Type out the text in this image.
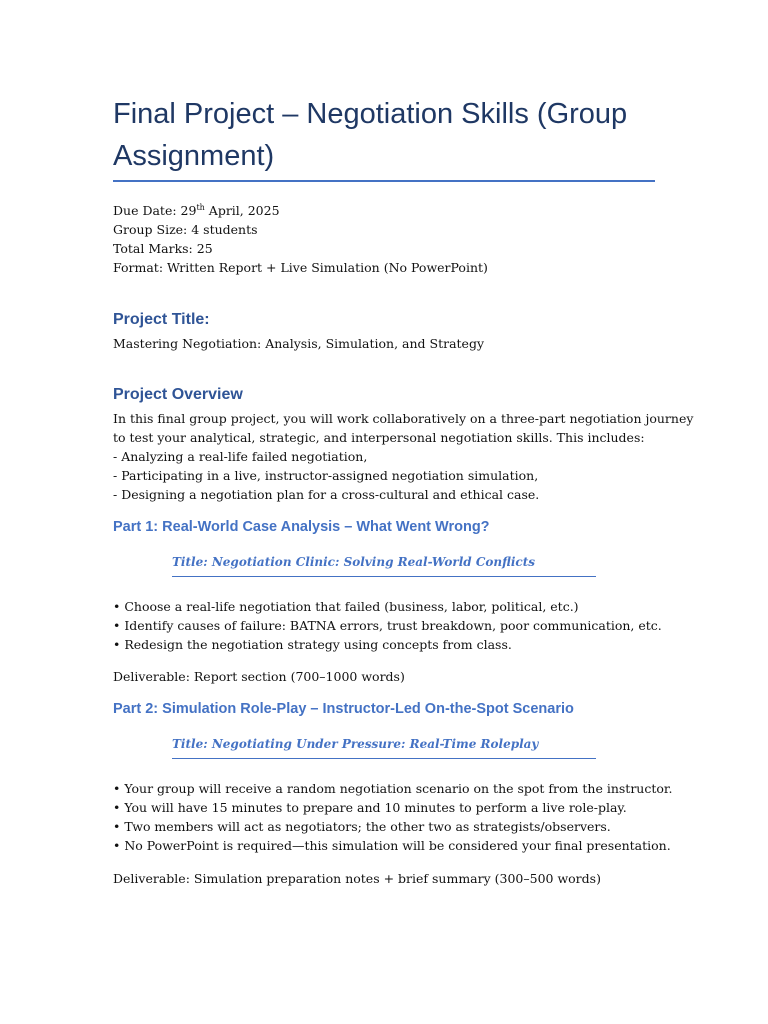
Final Project – Negotiation Skills (Group Assignment)
Due Date: 29th April, 2025
Group Size: 4 students
Total Marks: 25
Format: Written Report + Live Simulation (No PowerPoint)
Project Title:
Mastering Negotiation: Analysis, Simulation, and Strategy
Project Overview
In this final group project, you will work collaboratively on a three-part negotiation journey
to test your analytical, strategic, and interpersonal negotiation skills. This includes:
- Analyzing a real-life failed negotiation,
- Participating in a live, instructor-assigned negotiation simulation,
- Designing a negotiation plan for a cross-cultural and ethical case.
Part 1: Real-World Case Analysis – What Went Wrong?
Title: Negotiation Clinic: Solving Real-World Conflicts
• Choose a real-life negotiation that failed (business, labor, political, etc.)
• Identify causes of failure: BATNA errors, trust breakdown, poor communication, etc.
• Redesign the negotiation strategy using concepts from class.
Deliverable: Report section (700–1000 words)
Part 2: Simulation Role-Play – Instructor-Led On-the-Spot Scenario
Title: Negotiating Under Pressure: Real-Time Roleplay
• Your group will receive a random negotiation scenario on the spot from the instructor.
• You will have 15 minutes to prepare and 10 minutes to perform a live role-play.
• Two members will act as negotiators; the other two as strategists/observers.
• No PowerPoint is required—this simulation will be considered your final presentation.
Deliverable: Simulation preparation notes + brief summary (300–500 words)
